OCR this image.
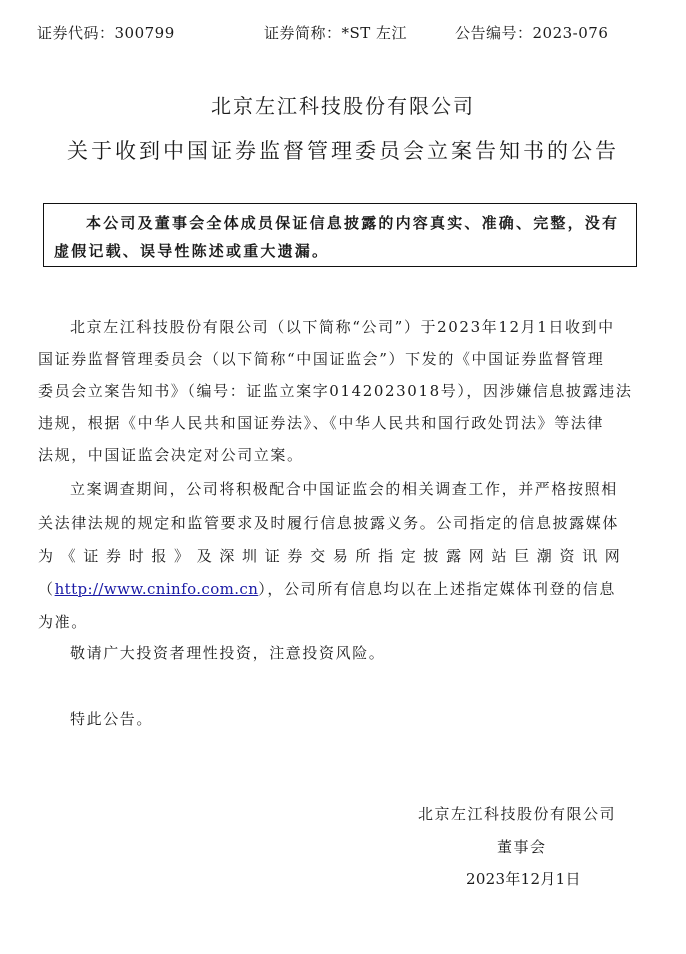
证券代码：300799	证券简称：*ST 左江	公告编号：2023-076
北京左江科技股份有限公司
关于收到中国证券监督管理委员会立案告知书的公告
本公司及董事会全体成员保证信息披露的内容真实、准确、完整，没有
虚假记载、误导性陈述或重大遗漏。
北京左江科技股份有限公司（以下简称“公司”）于2023年12月1日收到中
国证券监督管理委员会（以下简称“中国证监会”）下发的《中国证券监督管理
委员会立案告知书》（编号：证监立案字0142023018号），因涉嫌信息披露违法
违规，根据《中华人民共和国证券法》、《中华人民共和国行政处罚法》等法律
法规，中国证监会决定对公司立案。
立案调查期间，公司将积极配合中国证监会的相关调查工作，并严格按照相
关法律法规的规定和监管要求及时履行信息披露义务。公司指定的信息披露媒体
为 《 证 券 时 报 》 及 深 圳 证 券 交 易 所 指 定 披 露 网 站 巨 潮 资 讯 网
（http://www.cninfo.com.cn），公司所有信息均以在上述指定媒体刊登的信息
为准。
敬请广大投资者理性投资，注意投资风险。
特此公告。
北京左江科技股份有限公司
董事会
2023年12月1日
